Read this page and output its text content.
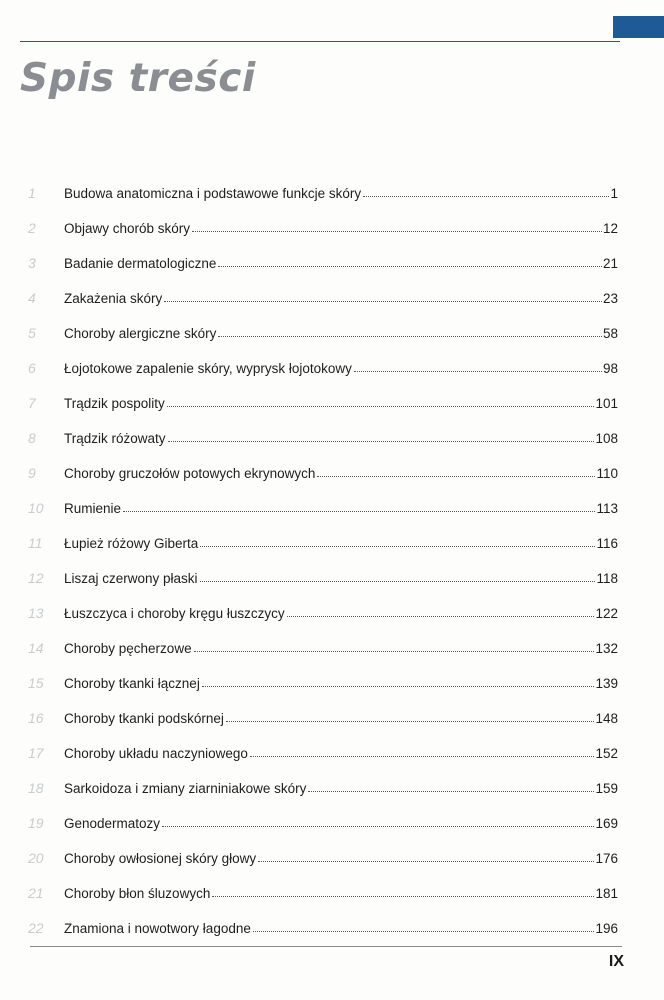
Spis treści
1	Budowa anatomiczna i podstawowe funkcje skóry	1
2	Objawy chorób skóry	12
3	Badanie dermatologiczne	21
4	Zakażenia skóry	23
5	Choroby alergiczne skóry	58
6	Łojotokowe zapalenie skóry, wyprysk łojotokowy	98
7	Trądzik pospolity	101
8	Trądzik różowaty	108
9	Choroby gruczołów potowych ekrynowych	110
10	Rumienie	113
11	Łupież różowy Giberta	116
12	Liszaj czerwony płaski	118
13	Łuszczyca i choroby kręgu łuszczycy	122
14	Choroby pęcherzowe	132
15	Choroby tkanki łącznej	139
16	Choroby tkanki podskórnej	148
17	Choroby układu naczyniowego	152
18	Sarkoidoza i zmiany ziarniniakowe skóry	159
19	Genodermatozy	169
20	Choroby owłosionej skóry głowy	176
21	Choroby błon śluzowych	181
22	Znamiona i nowotwory łagodne	196
IX
